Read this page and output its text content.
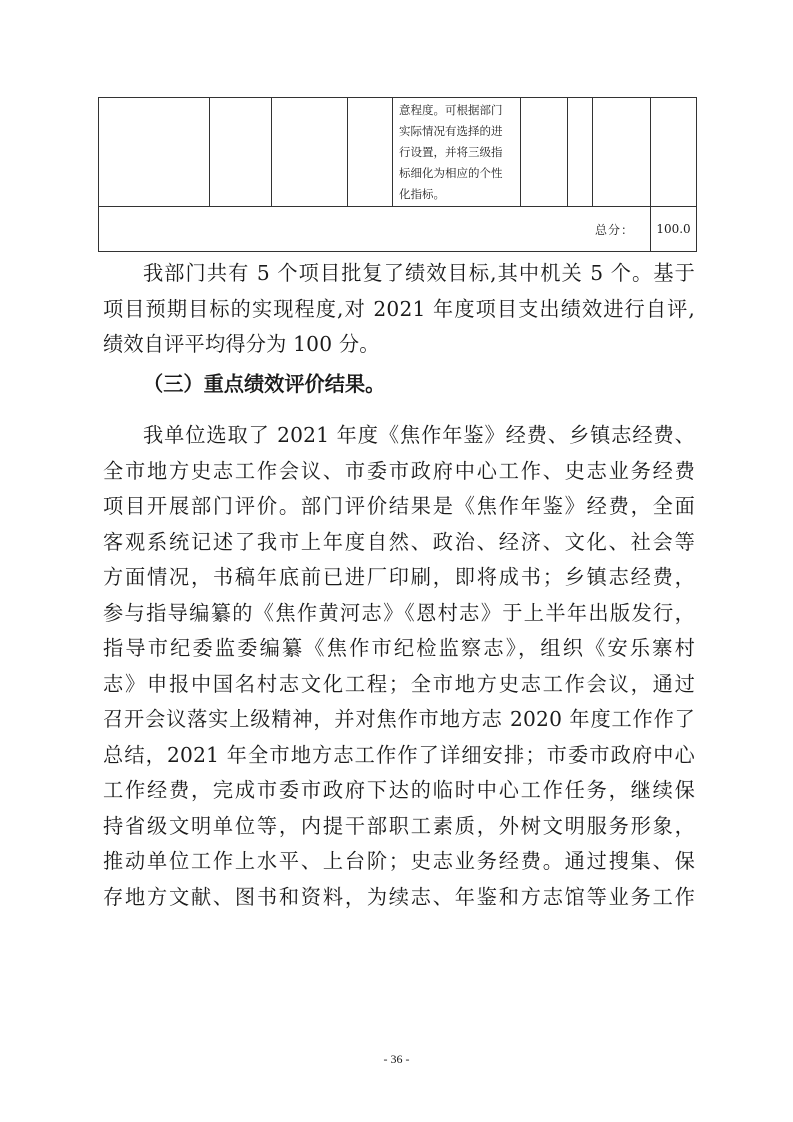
				意程度。可根据部门
实际情况有选择的进
行设置，并将三级指
标细化为相应的个性
化指标。				

总分：								100.0

我部门共有 5 个项目批复了绩效目标,其中机关 5 个。基于

项目预期目标的实现程度,对 2021 年度项目支出绩效进行自评,

绩效自评平均得分为 100 分。

（三）重点绩效评价结果。

我单位选取了 2021 年度《焦作年鉴》经费、乡镇志经费、

全市地方史志工作会议、市委市政府中心工作、史志业务经费

项目开展部门评价。部门评价结果是《焦作年鉴》经费，全面

客观系统记述了我市上年度自然、政治、经济、文化、社会等

方面情况，书稿年底前已进厂印刷，即将成书；乡镇志经费，

参与指导编纂的《焦作黄河志》《恩村志》于上半年出版发行，

指导市纪委监委编纂《焦作市纪检监察志》，组织《安乐寨村

志》申报中国名村志文化工程；全市地方史志工作会议，通过

召开会议落实上级精神，并对焦作市地方志 2020 年度工作作了

总结，2021 年全市地方志工作作了详细安排；市委市政府中心

工作经费，完成市委市政府下达的临时中心工作任务，继续保

持省级文明单位等，内提干部职工素质，外树文明服务形象，

推动单位工作上水平、上台阶；史志业务经费。通过搜集、保

存地方文献、图书和资料，为续志、年鉴和方志馆等业务工作

- 36 -
